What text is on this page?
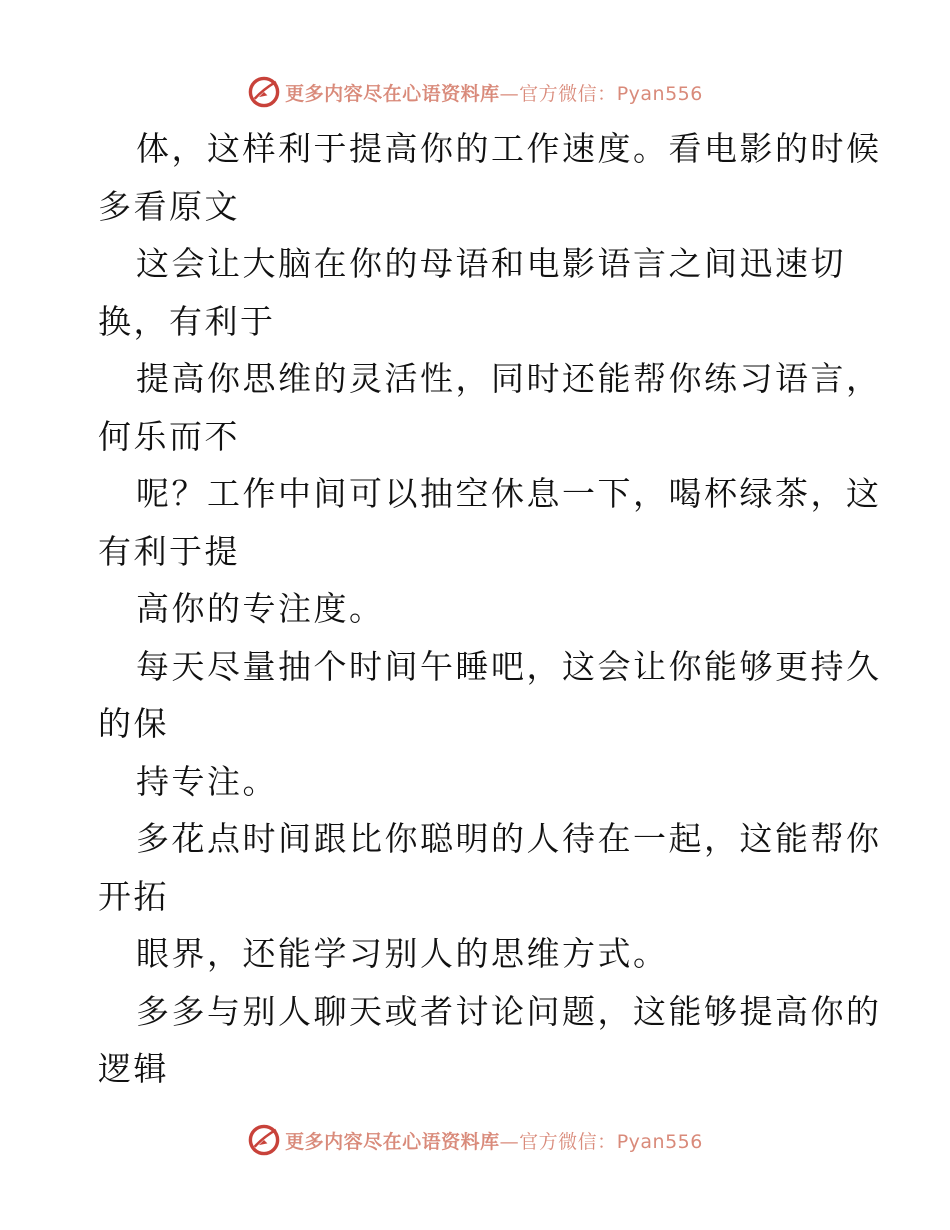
更多内容尽在心语资料库—官方微信：Pyan556
体，这样利于提高你的工作速度。看电影的时候
多看原文
这会让大脑在你的母语和电影语言之间迅速切
换，有利于
提高你思维的灵活性，同时还能帮你练习语言，
何乐而不
呢？工作中间可以抽空休息一下，喝杯绿茶，这
有利于提
高你的专注度。
每天尽量抽个时间午睡吧，这会让你能够更持久
的保
持专注。
多花点时间跟比你聪明的人待在一起，这能帮你
开拓
眼界，还能学习别人的思维方式。
多多与别人聊天或者讨论问题，这能够提高你的
逻辑
更多内容尽在心语资料库—官方微信：Pyan556
